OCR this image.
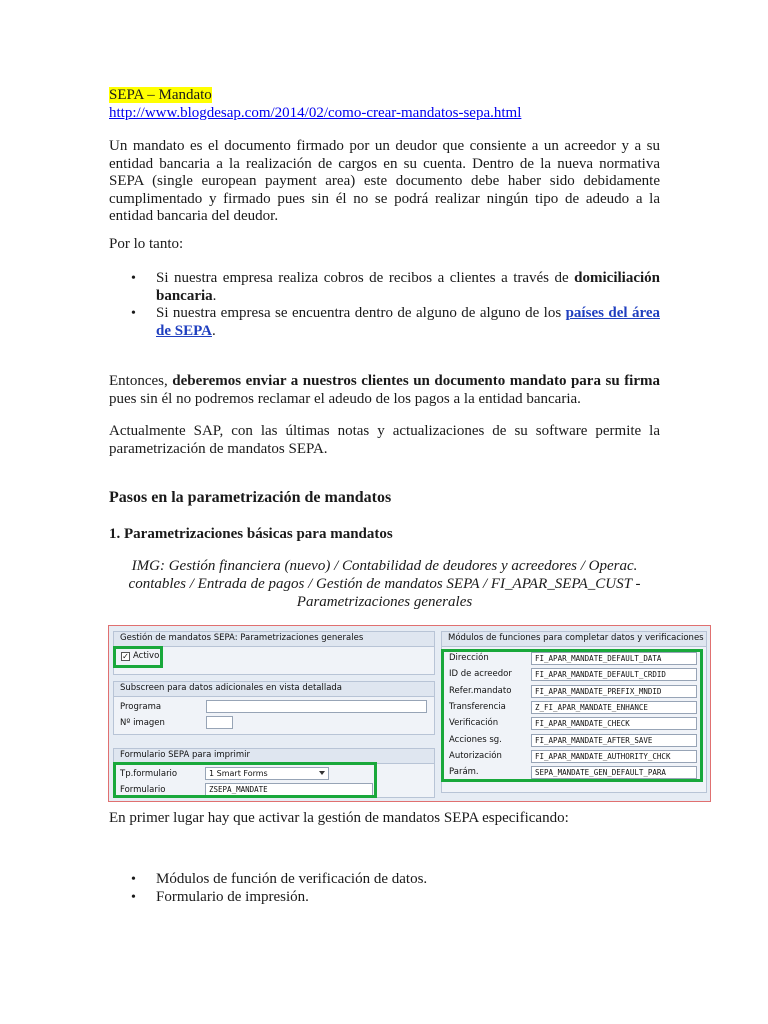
SEPA – Mandato
http://www.blogdesap.com/2014/02/como-crear-mandatos-sepa.html
Un mandato es el documento firmado por un deudor que consiente a un acreedor y a su entidad bancaria a la realización de cargos en su cuenta. Dentro de la nueva normativa SEPA (single european payment area) este documento debe haber sido debidamente cumplimentado y firmado pues sin él no se podrá realizar ningún tipo de adeudo a la entidad bancaria del deudor.
Por lo tanto:
• Si nuestra empresa realiza cobros de recibos a clientes a través de domiciliación bancaria.
• Si nuestra empresa se encuentra dentro de alguno de alguno de los países del área de SEPA.
Entonces, deberemos enviar a nuestros clientes un documento mandato para su firma pues sin él no podremos reclamar el adeudo de los pagos a la entidad bancaria.
Actualmente SAP, con las últimas notas y actualizaciones de su software permite la parametrización de mandatos SEPA.
Pasos en la parametrización de mandatos
1. Parametrizaciones básicas para mandatos
IMG: Gestión financiera (nuevo) / Contabilidad de deudores y acreedores / Operac. contables / Entrada de pagos / Gestión de mandatos SEPA / FI_APAR_SEPA_CUST - Parametrizaciones generales
Gestión de mandatos SEPA: Parametrizaciones generales
✓ Activo
Subscreen para datos adicionales en vista detallada
Programa
Nº imagen
Formulario SEPA para imprimir
Tp.formulario	1 Smart Forms
Formulario	ZSEPA_MANDATE
Módulos de funciones para completar datos y verificaciones
Dirección	FI_APAR_MANDATE_DEFAULT_DATA
ID de acreedor	FI_APAR_MANDATE_DEFAULT_CRDID
Refer.mandato	FI_APAR_MANDATE_PREFIX_MNDID
Transferencia	Z_FI_APAR_MANDATE_ENHANCE
Verificación	FI_APAR_MANDATE_CHECK
Acciones sg.	FI_APAR_MANDATE_AFTER_SAVE
Autorización	FI_APAR_MANDATE_AUTHORITY_CHCK
Parám.	SEPA_MANDATE_GEN_DEFAULT_PARA
En primer lugar hay que activar la gestión de mandatos SEPA especificando:
• Módulos de función de verificación de datos.
• Formulario de impresión.
